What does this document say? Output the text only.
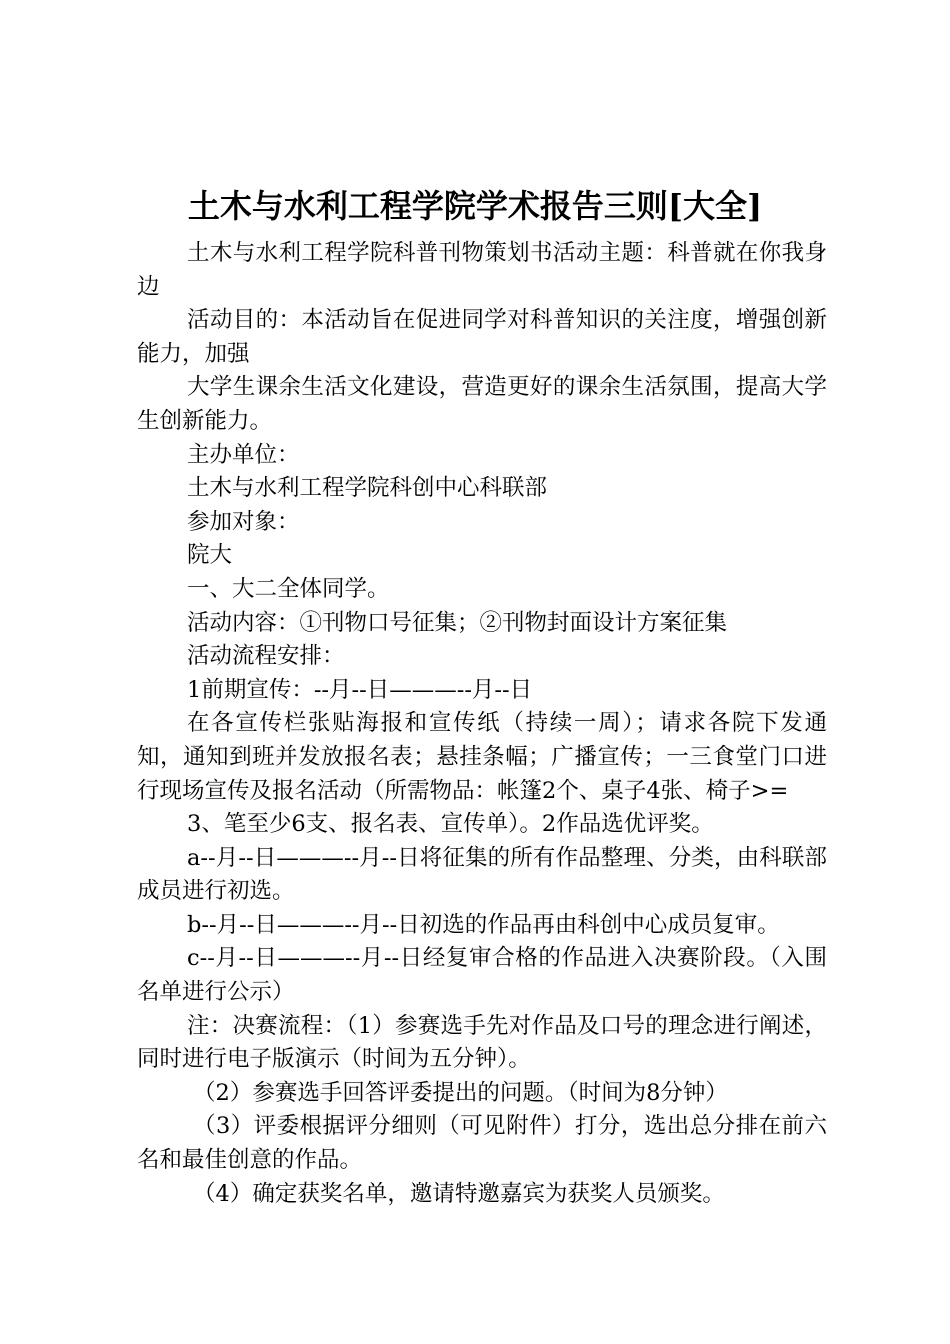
土木与水利工程学院学术报告三则[大全]

土木与水利工程学院科普刊物策划书活动主题：科普就在你我身边

活动目的：本活动旨在促进同学对科普知识的关注度，增强创新能力，加强

大学生课余生活文化建设，营造更好的课余生活氛围，提高大学生创新能力。

主办单位：

土木与水利工程学院科创中心科联部

参加对象：

院大

一、大二全体同学。

活动内容：①刊物口号征集；②刊物封面设计方案征集

活动流程安排：

1前期宣传：--月--日———--月--日

在各宣传栏张贴海报和宣传纸（持续一周）；请求各院下发通知，通知到班并发放报名表；悬挂条幅；广播宣传；一三食堂门口进行现场宣传及报名活动（所需物品：帐篷2个、桌子4张、椅子>=

3、笔至少6支、报名表、宣传单）。2作品选优评奖。

a--月--日———--月--日将征集的所有作品整理、分类，由科联部成员进行初选。

b--月--日———--月--日初选的作品再由科创中心成员复审。

c--月--日———--月--日经复审合格的作品进入决赛阶段。（入围名单进行公示）

注：决赛流程：（1）参赛选手先对作品及口号的理念进行阐述，同时进行电子版演示（时间为五分钟）。

（2）参赛选手回答评委提出的问题。（时间为8分钟）

（3）评委根据评分细则（可见附件）打分，选出总分排在前六名和最佳创意的作品。

（4）确定获奖名单，邀请特邀嘉宾为获奖人员颁奖。
